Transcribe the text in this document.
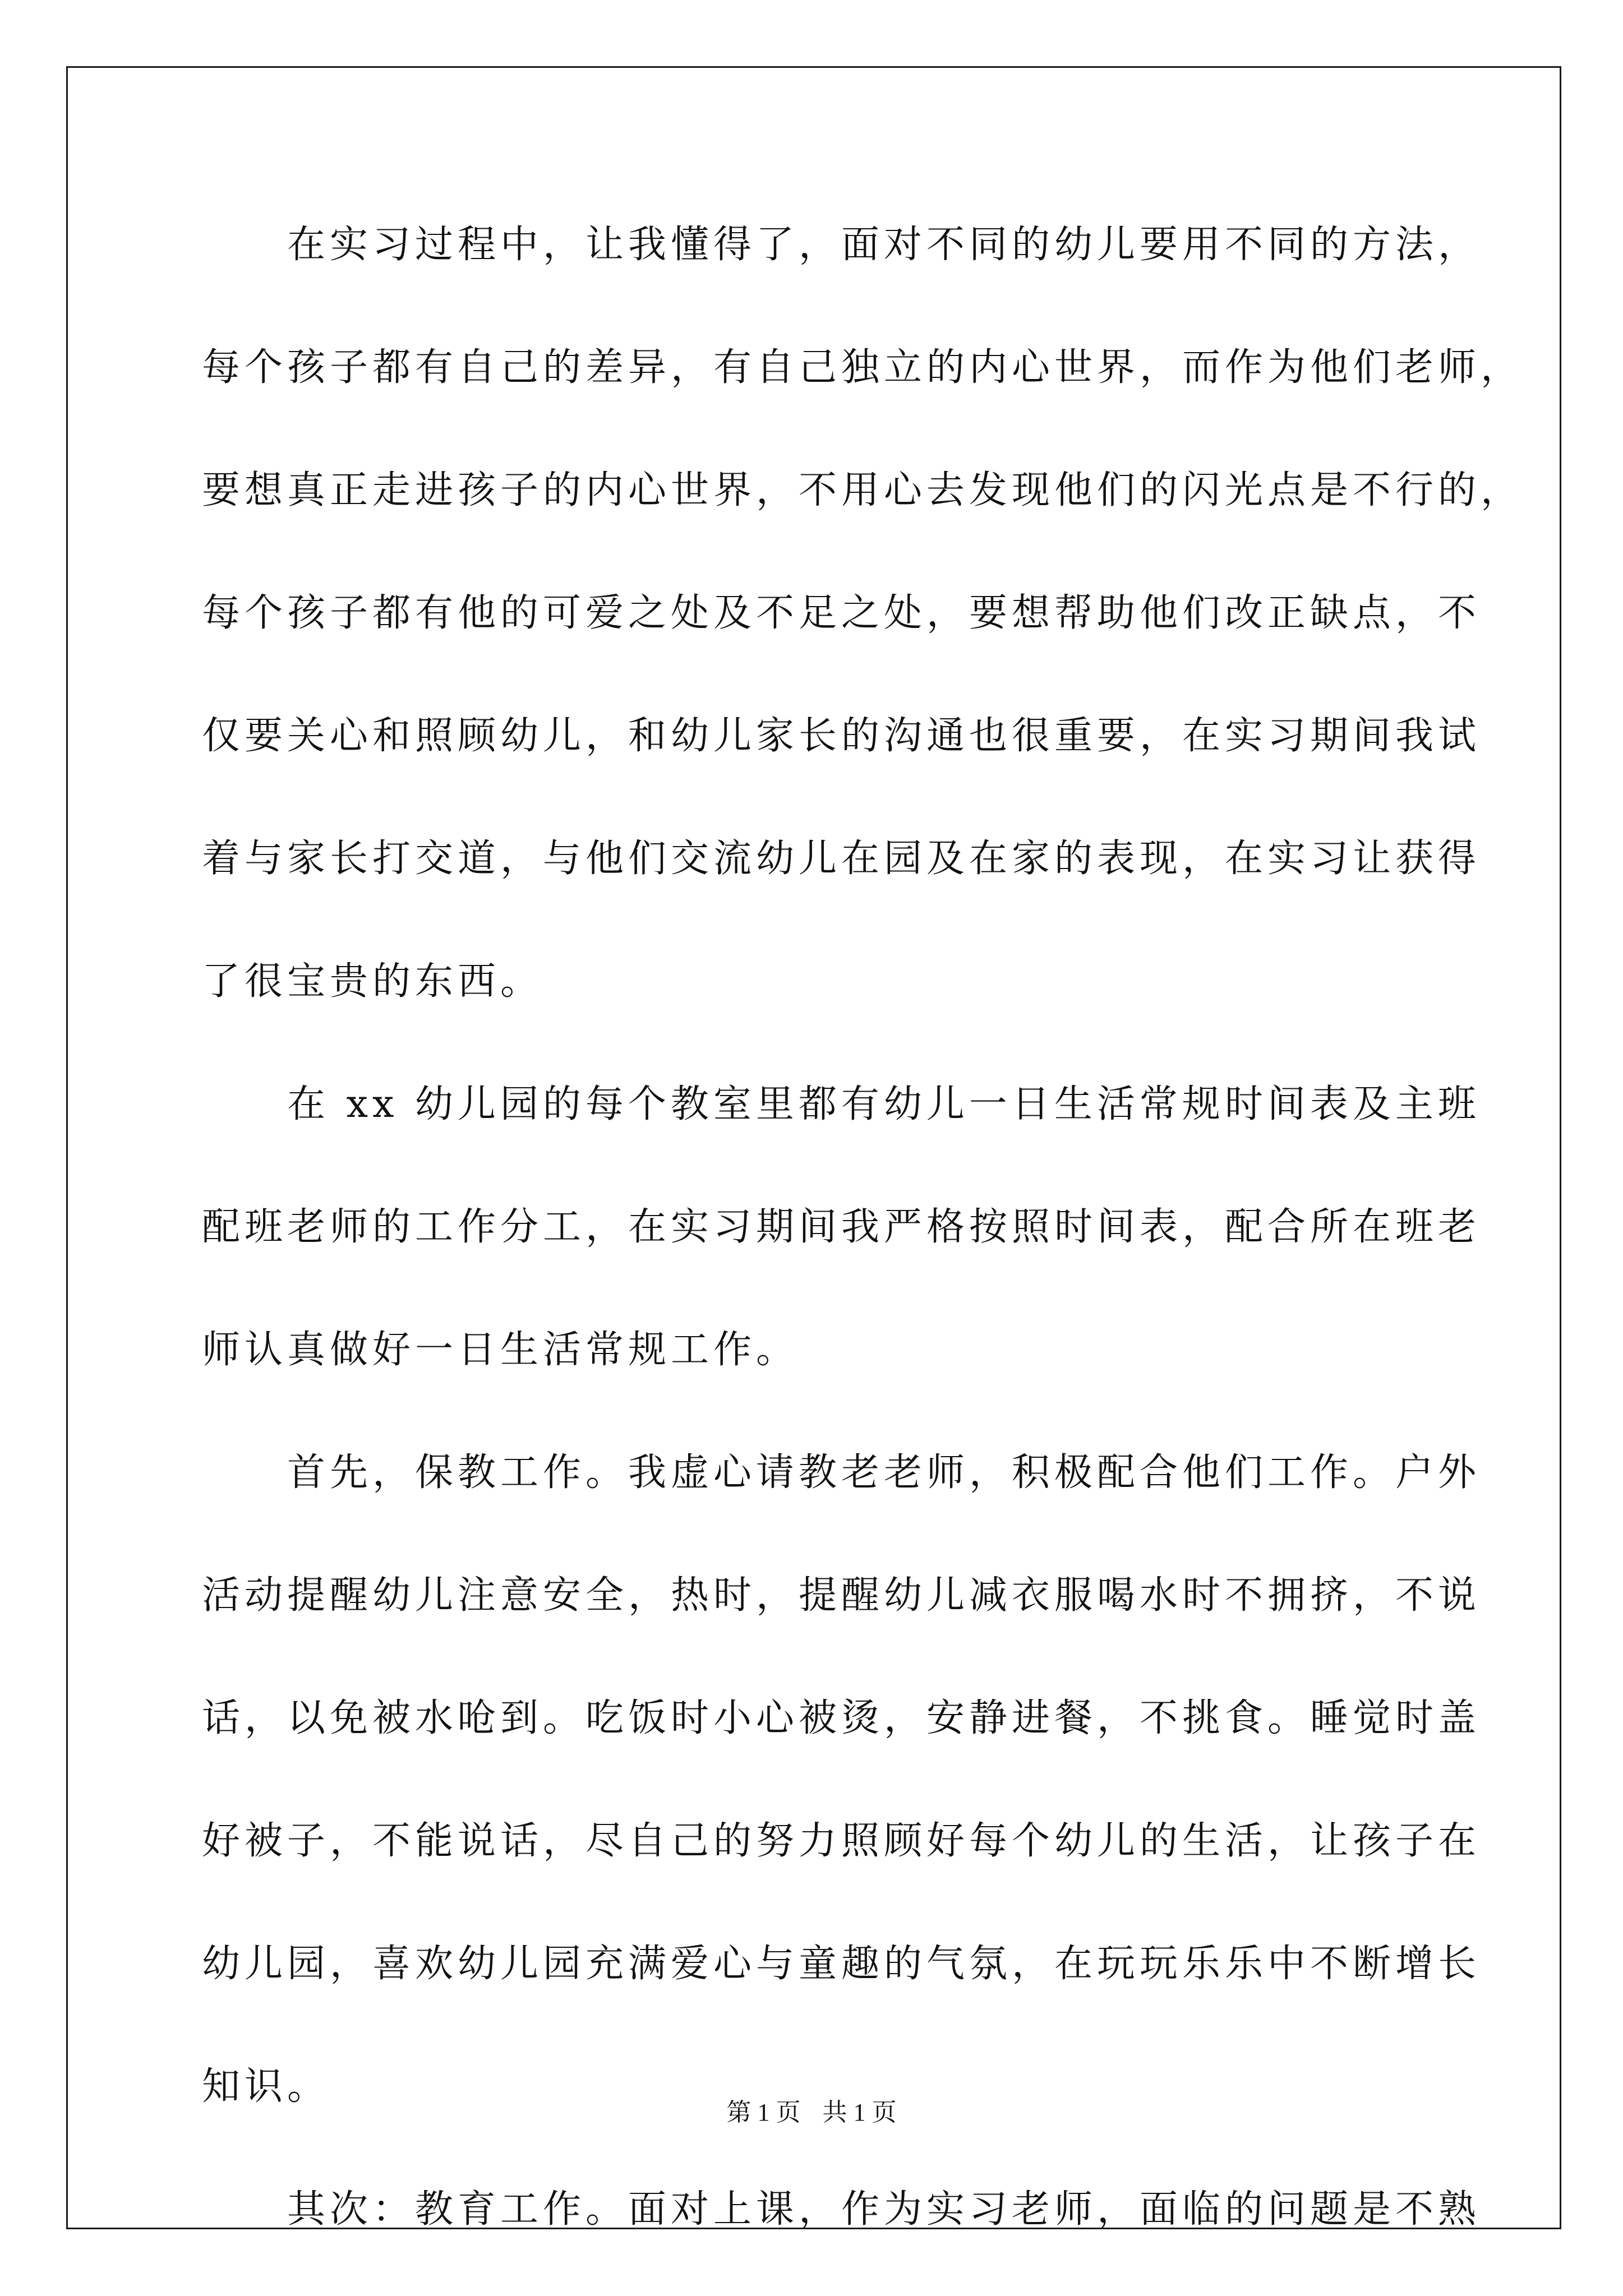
　　在实习过程中，让我懂得了，面对不同的幼儿要用不同的方法，
每个孩子都有自己的差异，有自己独立的内心世界，而作为他们老师，
要想真正走进孩子的内心世界，不用心去发现他们的闪光点是不行的，
每个孩子都有他的可爱之处及不足之处，要想帮助他们改正缺点，不
仅要关心和照顾幼儿，和幼儿家长的沟通也很重要，在实习期间我试
着与家长打交道，与他们交流幼儿在园及在家的表现，在实习让获得
了很宝贵的东西。
　　在 xx 幼儿园的每个教室里都有幼儿一日生活常规时间表及主班
配班老师的工作分工，在实习期间我严格按照时间表，配合所在班老
师认真做好一日生活常规工作。
　　首先，保教工作。我虚心请教老老师，积极配合他们工作。户外
活动提醒幼儿注意安全，热时，提醒幼儿减衣服喝水时不拥挤，不说
话，以免被水呛到。吃饭时小心被烫，安静进餐，不挑食。睡觉时盖
好被子，不能说话，尽自己的努力照顾好每个幼儿的生活，让孩子在
幼儿园，喜欢幼儿园充满爱心与童趣的气氛，在玩玩乐乐中不断增长
知识。
　　其次：教育工作。面对上课，作为实习老师，面临的问题是不熟
第 1 页 共 1 页
